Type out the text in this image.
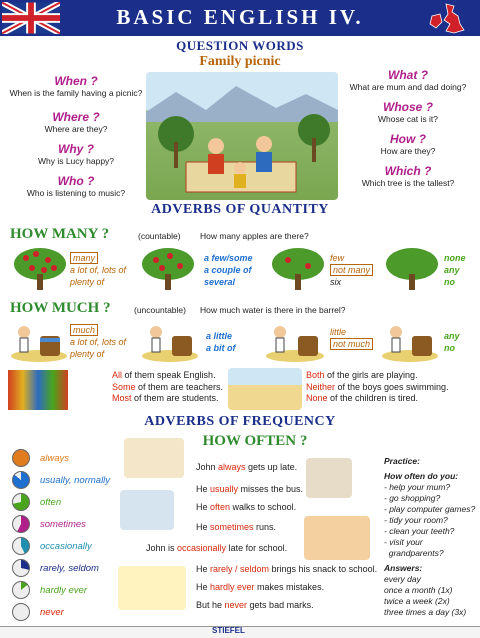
BASIC ENGLISH IV.
QUESTION WORDS
Family picnic
When ?
When is the family having a picnic?
Where ?
Where are they?
Why ?
Why is Lucy happy?
Who ?
Who is listening to music?
What ?
What are mum and dad doing?
Whose ?
Whose cat is it?
How ?
How are they?
Which ?
Which tree is the tallest?
ADVERBS OF QUANTITY
HOW MANY ?	(countable) How many apples are there?
many
a lot of, lots of
plenty of
a few/some
a couple of
several
few
not many
six
none
any
no
HOW MUCH ?	(uncountable) How much water is there in the barrel?
much
a lot of, lots of
plenty of
a little
a bit of
little
not much
any
no
All of them speak English.
Some of them are teachers.
Most of them are students.
Both of the girls are playing.
Neither of the boys goes swimming.
None of the children is tired.
ADVERBS OF FREQUENCY
HOW OFTEN ?
always
usually, normally
often
sometimes
occasionally
rarely, seldom
hardly ever
never
John always gets up late.
He usually misses the bus.
He often walks to school.
He sometimes runs.
John is occasionally late for school.
He rarely / seldom brings his snack to school.
He hardly ever makes mistakes.
But he never gets bad marks.
Practice:
How often do you:
- help your mum?
- go shopping?
- play computer games?
- tidy your room?
- clean your teeth?
- visit your
grandparents?
Answers:
every day
once a month (1x)
twice a week (2x)
three times a day (3x)
STIEFEL
